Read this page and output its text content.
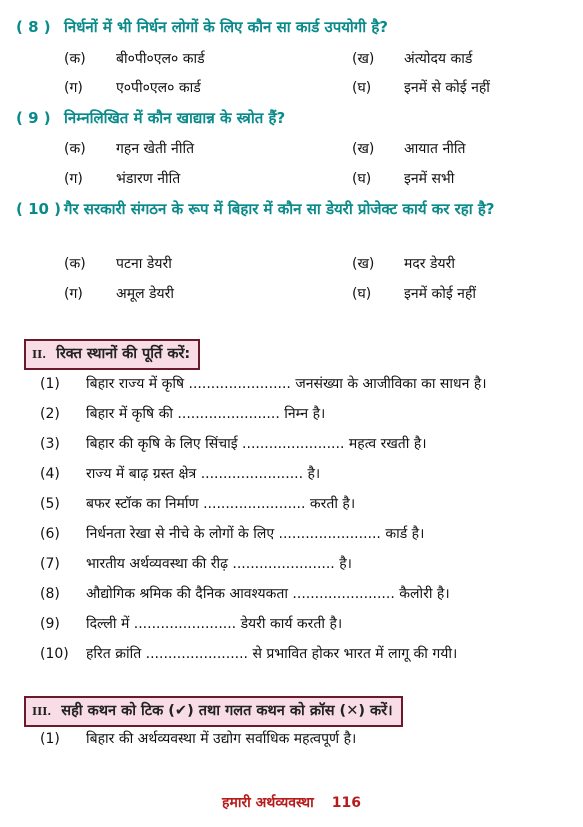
( 8 ) निर्धनों में भी निर्धन लोगों के लिए कौन सा कार्ड उपयोगी है?
(क)	बी०पी०एल० कार्ड	(ख)	अंत्योदय कार्ड
(ग)	ए०पी०एल० कार्ड	(घ)	इनमें से कोई नहीं
( 9 ) निम्नलिखित में कौन खाद्यान्न के स्त्रोत हैं?
(क)	गहन खेती नीति	(ख)	आयात नीति
(ग)	भंडारण नीति	(घ)	इनमें सभी
( 10 ) गैर सरकारी संगठन के रूप में बिहार में कौन सा डेयरी प्रोजेक्ट कार्य कर रहा है?
(क)	पटना डेयरी	(ख)	मदर डेयरी
(ग)	अमूल डेयरी	(घ)	इनमें कोई नहीं
II. रिक्त स्थानों की पूर्ति करें:
(1)	बिहार राज्य में कृषि ....................... जनसंख्या के आजीविका का साधन है।
(2)	बिहार में कृषि की ....................... निम्न है।
(3)	बिहार की कृषि के लिए सिंचाई ....................... महत्व रखती है।
(4)	राज्य में बाढ़ ग्रस्त क्षेत्र ....................... है।
(5)	बफर स्टॉक का निर्माण ....................... करती है।
(6)	निर्धनता रेखा से नीचे के लोगों के लिए ....................... कार्ड है।
(7)	भारतीय अर्थव्यवस्था की रीढ़ ....................... है।
(8)	औद्योगिक श्रमिक की दैनिक आवश्यकता ....................... कैलोरी है।
(9)	दिल्ली में ....................... डेयरी कार्य करती है।
(10)	हरित क्रांति ....................... से प्रभावित होकर भारत में लागू की गयी।
III. सही कथन को टिक (✔) तथा गलत कथन को क्रॉस (✕) करें।
(1)	बिहार की अर्थव्यवस्था में उद्योग सर्वाधिक महत्वपूर्ण है।
हमारी अर्थव्यवस्था 116
